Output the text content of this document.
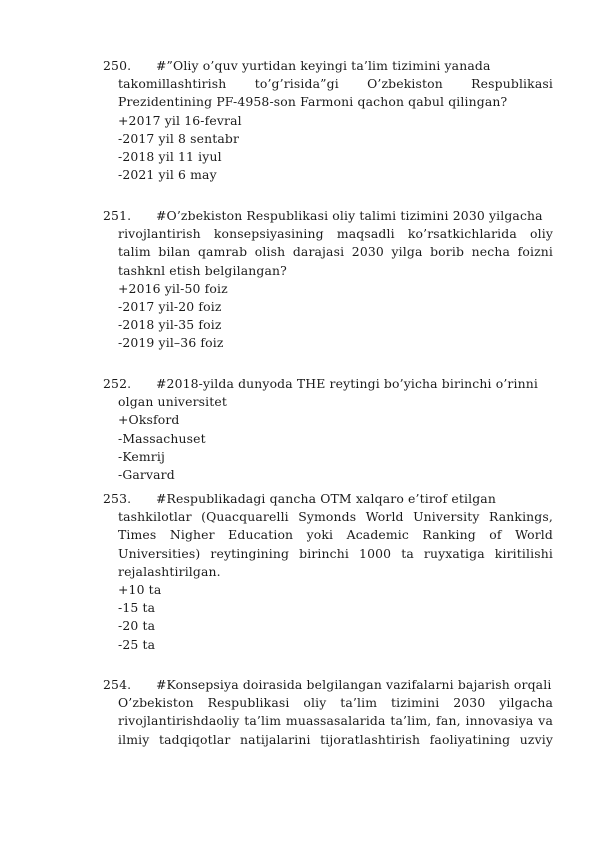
250.	#”Oliy o’quv yurtidan keyingi ta’lim tizimini yanada
takomillashtirish to’g’risida”gi O’zbekiston Respublikasi Prezidentining PF-4958-son Farmoni qachon qabul qilingan?
+2017 yil 16-fevral
-2017 yil 8 sentabr
-2018 yil 11 iyul
-2021 yil 6 may
251.	#O’zbekiston Respublikasi oliy talimi tizimini 2030 yilgacha
rivojlantirish konsepsiyasining maqsadli ko’rsatkichlarida oliy talim bilan qamrab olish darajasi 2030 yilga borib necha foizni tashknl etish belgilangan?
+2016 yil-50 foiz
-2017 yil-20 foiz
-2018 yil-35 foiz
-2019 yil–36 foiz
252.	#2018-yilda dunyoda THE reytingi bo’yicha birinchi o’rinni
olgan universitet
+Oksford
-Massachuset
-Kemrij
-Garvard
253.	#Respublikadagi qancha OTM xalqaro e’tirof etilgan
tashkilotlar (Quacquarelli Symonds World University Rankings, Times Nigher Education yoki Academic Ranking of World Universities) reytingining birinchi 1000 ta ruyxatiga kiritilishi rejalashtirilgan.
+10 ta
-15 ta
-20 ta
-25 ta
254.	#Konsepsiya doirasida belgilangan vazifalarni bajarish orqali
O’zbekiston Respublikasi oliy ta’lim tizimini 2030 yilgacha rivojlantirishdaoliy ta’lim muassasalarida ta’lim, fan, innovasiya va ilmiy tadqiqotlar natijalarini tijoratlashtirish faoliyatining uzviy
